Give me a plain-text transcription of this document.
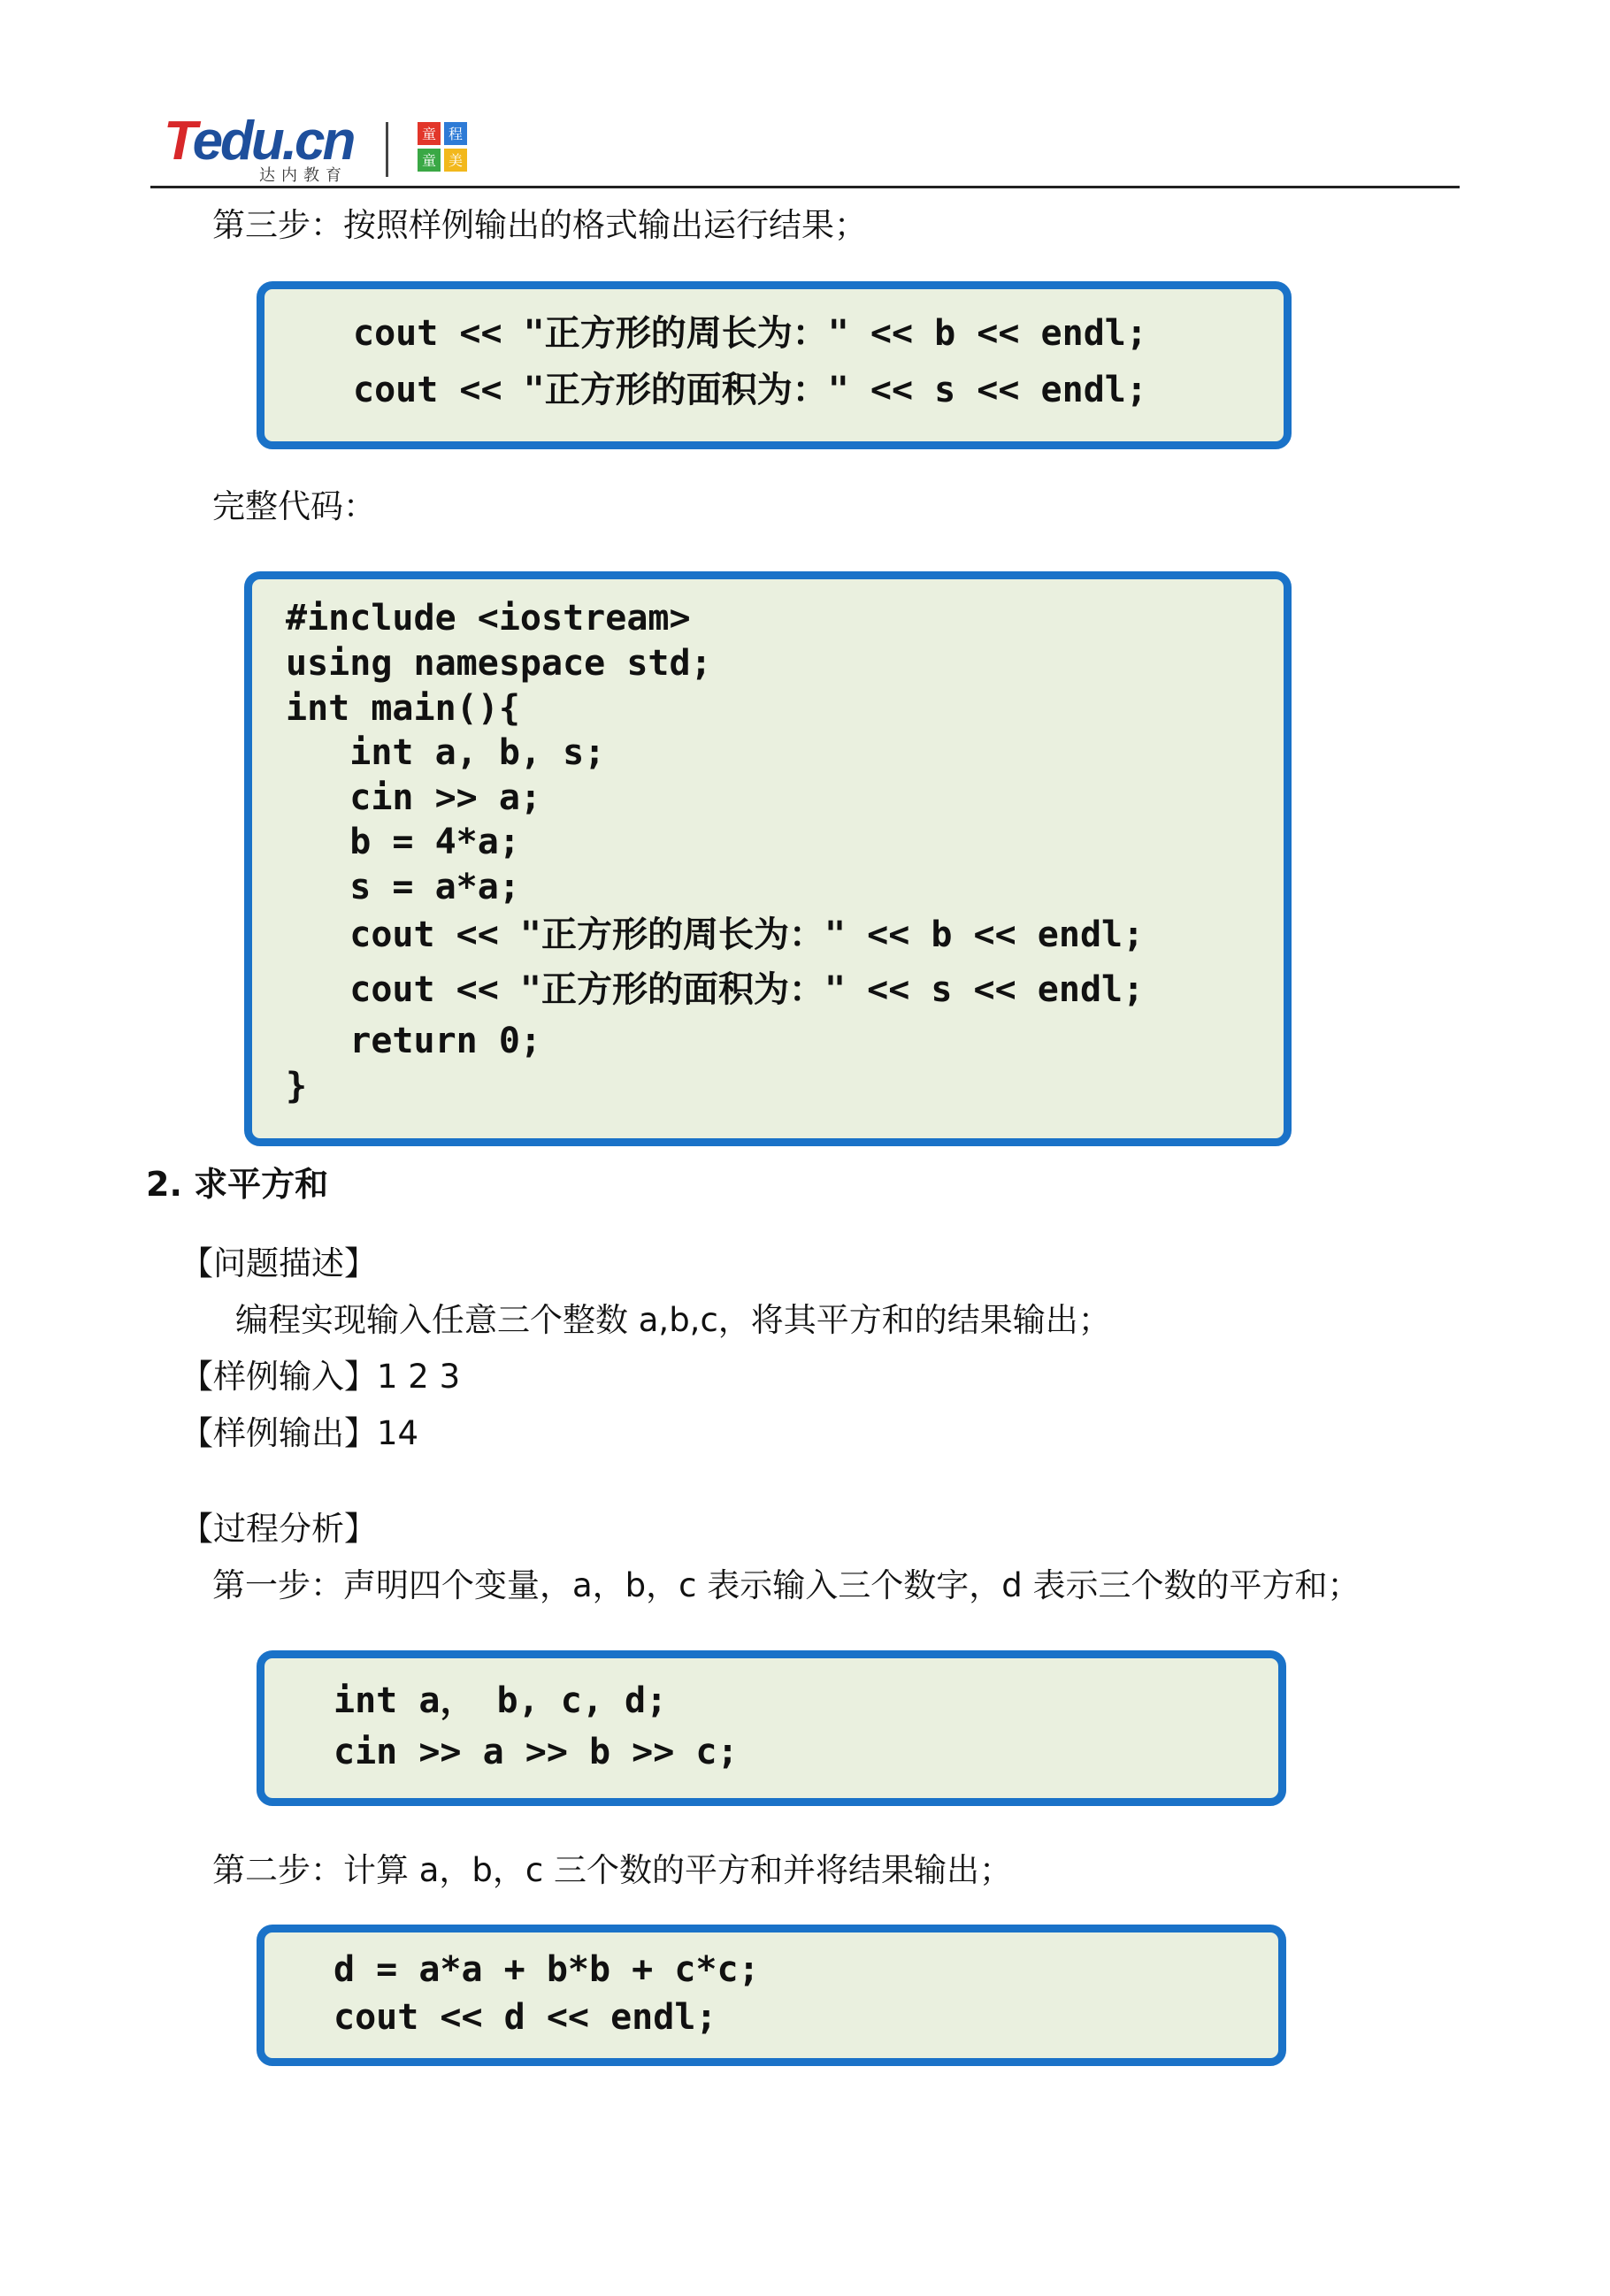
Tedu.cn
达内教育
童 程
童 美
第三步：按照样例输出的格式输出运行结果；
cout << "正方形的周长为：" << b << endl;
cout << "正方形的面积为：" << s << endl;
完整代码：
#include <iostream>
using namespace std;
int main(){
int a, b, s;
cin >> a;
b = 4*a;
s = a*a;
cout << "正方形的周长为：" << b << endl;
cout << "正方形的面积为：" << s << endl;
return 0;
}
2. 求平方和
【问题描述】
编程实现输入任意三个整数 a,b,c，将其平方和的结果输出；
【样例输入】1 2 3
【样例输出】14
【过程分析】
第一步：声明四个变量，a，b，c 表示输入三个数字，d 表示三个数的平方和；
int a， b, c, d;
cin >> a >> b >> c;
第二步：计算 a，b，c 三个数的平方和并将结果输出；
d = a*a + b*b + c*c;
cout << d << endl;
